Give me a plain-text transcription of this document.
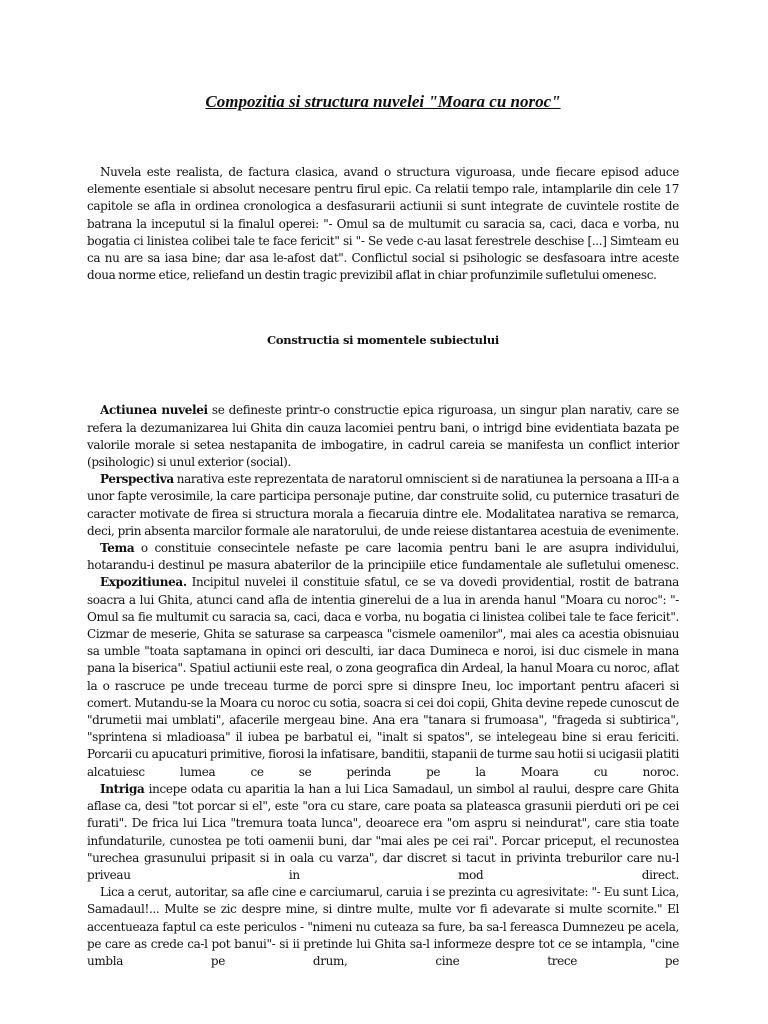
Compozitia si structura nuvelei "Moara cu noroc"

Nuvela este realista, de factura clasica, avand o structura viguroasa, unde fiecare episod aduce elemente esentiale si absolut necesare pentru firul epic. Ca relatii tempo rale, intamplarile din cele 17 capitole se afla in ordinea cronologica a desfasurarii actiunii si sunt integrate de cuvintele rostite de batrana la inceputul si la finalul operei: "- Omul sa de multumit cu saracia sa, caci, daca e vorba, nu bogatia ci linistea colibei tale te face fericit" si "- Se vede c-au lasat ferestrele deschise [...] Simteam eu ca nu are sa iasa bine; dar asa le-afost dat". Conflictul social si psihologic se desfasoara intre aceste doua norme etice, reliefand un destin tragic previzibil aflat in chiar profunzimile sufletului omenesc.

Constructia si momentele subiectului

Actiunea nuvelei se defineste printr-o constructie epica riguroasa, un singur plan narativ, care se refera la dezumanizarea lui Ghita din cauza lacomiei pentru bani, o intrigd bine evidentiata bazata pe valorile morale si setea nestapanita de imbogatire, in cadrul careia se manifesta un conflict interior (psihologic) si unul exterior (social).

Perspectiva narativa este reprezentata de naratorul omniscient si de naratiunea la persoana a III-a a unor fapte verosimile, la care participa personaje putine, dar construite solid, cu puternice trasaturi de caracter motivate de firea si structura morala a fiecaruia dintre ele. Modalitatea narativa se remarca, deci, prin absenta marcilor formale ale naratorului, de unde reiese distantarea acestuia de evenimente.

Tema o constituie consecintele nefaste pe care lacomia pentru bani le are asupra individului, hotarandu-i destinul pe masura abaterilor de la principiile etice fundamentale ale sufletului omenesc.

Expozitiunea. Incipitul nuvelei il constituie sfatul, ce se va dovedi providential, rostit de batrana soacra a lui Ghita, atunci cand afla de intentia ginerelui de a lua in arenda hanul "Moara cu noroc": "- Omul sa fie multumit cu saracia sa, caci, daca e vorba, nu bogatia ci linistea colibei tale te face fericit". Cizmar de meserie, Ghita se saturase sa carpeasca "cismele oamenilor", mai ales ca acestia obisnuiau sa umble "toata saptamana in opinci ori desculti, iar daca Dumineca e noroi, isi duc cismele in mana pana la biserica". Spatiul actiunii este real, o zona geografica din Ardeal, la hanul Moara cu noroc, aflat la o rascruce pe unde treceau turme de porci spre si dinspre Ineu, loc important pentru afaceri si comert. Mutandu-se la Moara cu noroc cu sotia, soacra si cei doi copii, Ghita devine repede cunoscut de "drumetii mai umblati", afacerile mergeau bine. Ana era "tanara si frumoasa", "fragedа si subtirica", "sprintena si mladioasa" il iubea pe barbatul ei, "inalt si spatos", se intelegeau bine si erau fericiti. Porcarii cu apucaturi primitive, fiorosi la infatisare, banditii, stapanii de turme sau hotii si ucigasii platiti alcatuiesc lumea ce se perinda pe la Moara cu noroc.

Intriga incepe odata cu aparitia la han a lui Lica Samadaul, un simbol al raului, despre care Ghita aflase ca, desi "tot porcar si el", este "ora cu stare, care poata sa plateasca grasunii pierduti ori pe cei furati". De frica lui Lica "tremura toata lunca", deoarece era "om aspru si neindurat", care stia toate infundaturile, cunostea pe toti oamenii buni, dar "mai ales pe cei rai". Porcar priceput, el recunostea "urechea grasunului pripasit si in oala cu varza", dar discret si tacut in privinta treburilor care nu-l priveau in mod direct.

Lica a cerut, autoritar, sa afle cine e carciumarul, caruia i se prezinta cu agresivitate: "- Eu sunt Lica, Samadaul!... Multe se zic despre mine, si dintre multe, multe vor fi adevarate si multe scornite." El accentueaza faptul ca este periculos - "nimeni nu cuteaza sa fure, ba sa-l fereasca Dumnezeu pe acela, pe care as crede ca-l pot banui"- si ii pretinde lui Ghita sa-l informeze despre tot ce se intampla, "cine umbla pe drum, cine trece pe
